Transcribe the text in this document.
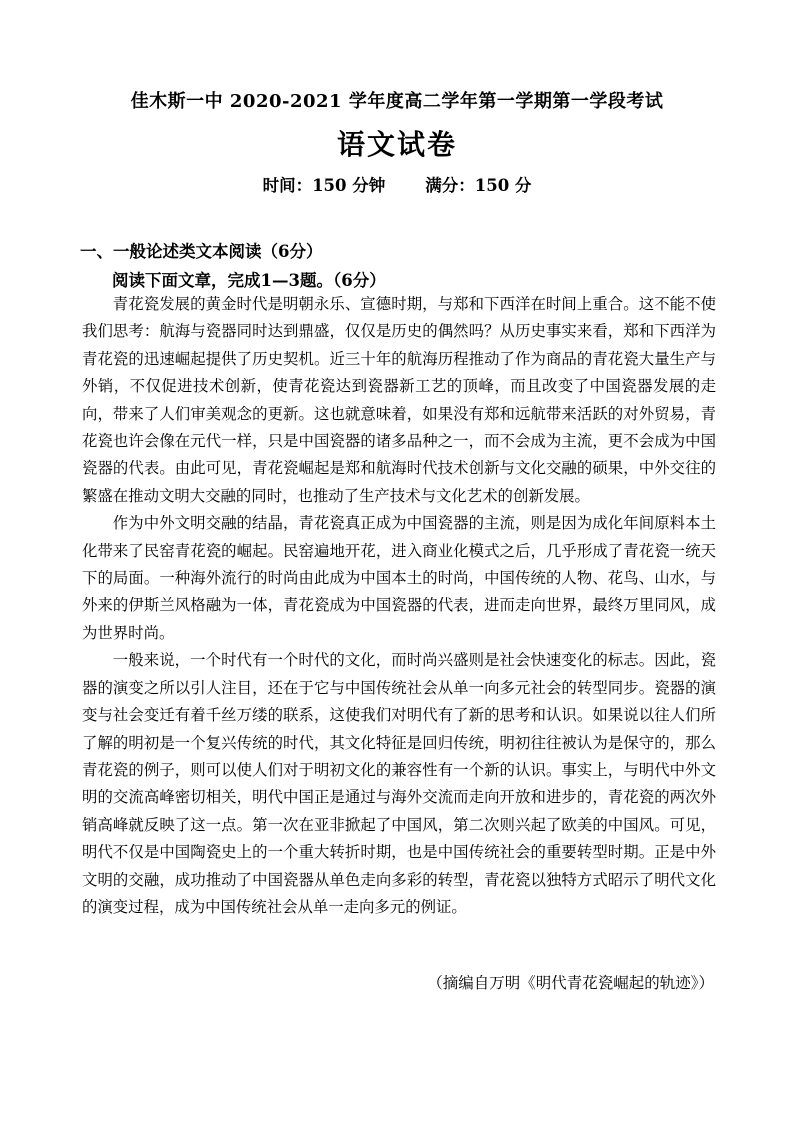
佳木斯一中 2020-2021 学年度高二学年第一学期第一学段考试
语文试卷
时间：150 分钟 满分：150 分
一、一般论述类文本阅读（6分）
阅读下面文章，完成1—3题。（6分）

青花瓷发展的黄金时代是明朝永乐、宣德时期，与郑和下西洋在时间上重合。这不能不使我们思考：航海与瓷器同时达到鼎盛，仅仅是历史的偶然吗？从历史事实来看，郑和下西洋为青花瓷的迅速崛起提供了历史契机。近三十年的航海历程推动了作为商品的青花瓷大量生产与外销，不仅促进技术创新，使青花瓷达到瓷器新工艺的顶峰，而且改变了中国瓷器发展的走向，带来了人们审美观念的更新。这也就意味着，如果没有郑和远航带来活跃的对外贸易，青花瓷也许会像在元代一样，只是中国瓷器的诸多品种之一，而不会成为主流，更不会成为中国瓷器的代表。由此可见，青花瓷崛起是郑和航海时代技术创新与文化交融的硕果，中外交往的繁盛在推动文明大交融的同时，也推动了生产技术与文化艺术的创新发展。

作为中外文明交融的结晶，青花瓷真正成为中国瓷器的主流，则是因为成化年间原料本土化带来了民窑青花瓷的崛起。民窑遍地开花，进入商业化模式之后，几乎形成了青花瓷一统天下的局面。一种海外流行的时尚由此成为中国本土的时尚，中国传统的人物、花鸟、山水，与外来的伊斯兰风格融为一体，青花瓷成为中国瓷器的代表，进而走向世界，最终万里同风，成为世界时尚。

一般来说，一个时代有一个时代的文化，而时尚兴盛则是社会快速变化的标志。因此，瓷器的演变之所以引人注目，还在于它与中国传统社会从单一向多元社会的转型同步。瓷器的演变与社会变迁有着千丝万缕的联系，这使我们对明代有了新的思考和认识。如果说以往人们所了解的明初是一个复兴传统的时代，其文化特征是回归传统，明初往往被认为是保守的，那么青花瓷的例子，则可以使人们对于明初文化的兼容性有一个新的认识。事实上，与明代中外文明的交流高峰密切相关，明代中国正是通过与海外交流而走向开放和进步的，青花瓷的两次外销高峰就反映了这一点。第一次在亚非掀起了中国风，第二次则兴起了欧美的中国风。可见，明代不仅是中国陶瓷史上的一个重大转折时期，也是中国传统社会的重要转型时期。正是中外文明的交融，成功推动了中国瓷器从单色走向多彩的转型，青花瓷以独特方式昭示了明代文化的演变过程，成为中国传统社会从单一走向多元的例证。

（摘编自万明《明代青花瓷崛起的轨迹》）
